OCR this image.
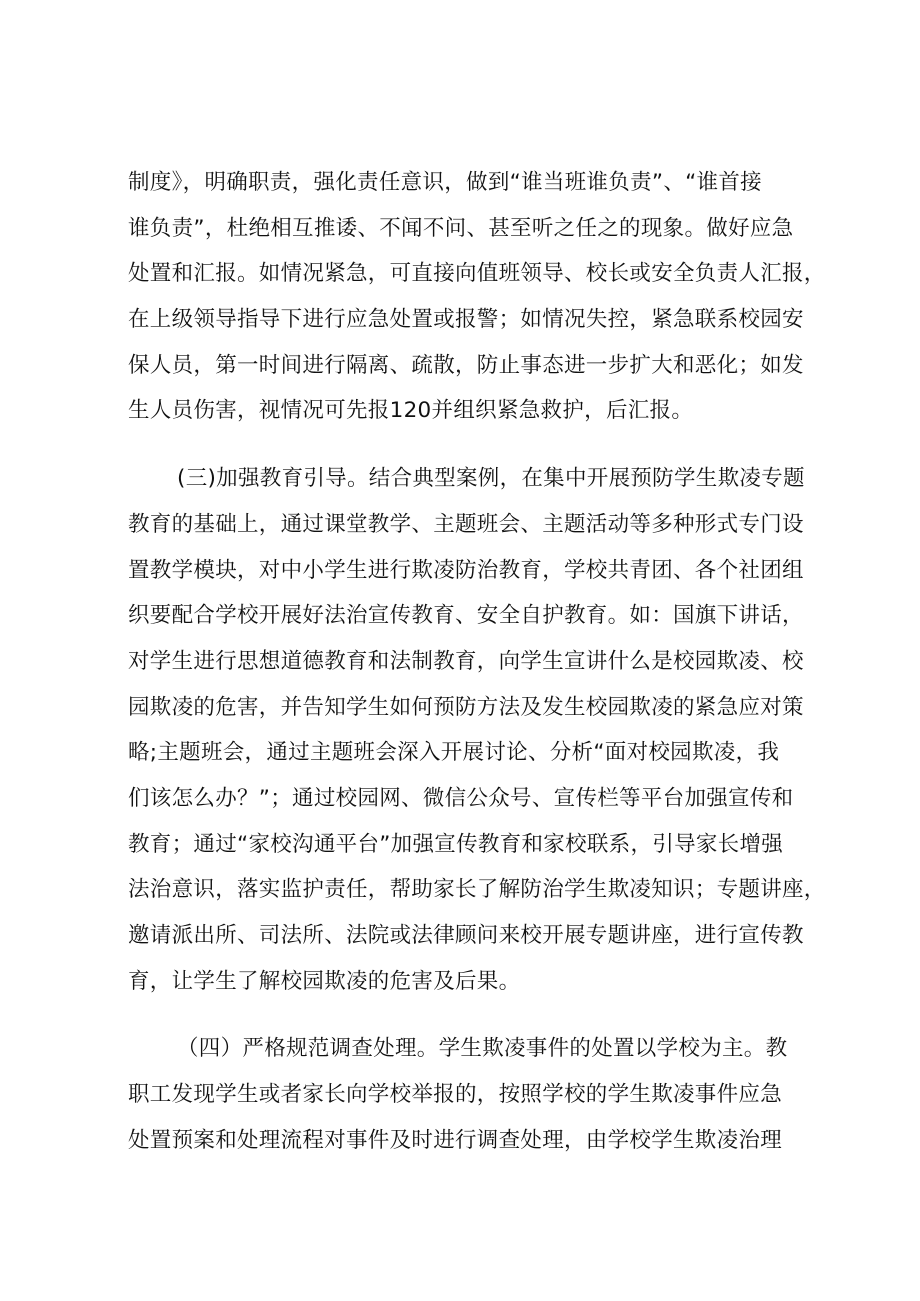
制度》，明确职责，强化责任意识，做到“谁当班谁负责”、“谁首接
谁负责”，杜绝相互推诿、不闻不问、甚至听之任之的现象。做好应急
处置和汇报。如情况紧急，可直接向值班领导、校长或安全负责人汇报，
在上级领导指导下进行应急处置或报警；如情况失控，紧急联系校园安
保人员，第一时间进行隔离、疏散，防止事态进一步扩大和恶化；如发
生人员伤害，视情况可先报120并组织紧急救护，后汇报。
(三)加强教育引导。结合典型案例，在集中开展预防学生欺凌专题
教育的基础上，通过课堂教学、主题班会、主题活动等多种形式专门设
置教学模块，对中小学生进行欺凌防治教育，学校共青团、各个社团组
织要配合学校开展好法治宣传教育、安全自护教育。如：国旗下讲话，
对学生进行思想道德教育和法制教育，向学生宣讲什么是校园欺凌、校
园欺凌的危害，并告知学生如何预防方法及发生校园欺凌的紧急应对策
略;主题班会，通过主题班会深入开展讨论、分析“面对校园欺凌，我
们该怎么办？”；通过校园网、微信公众号、宣传栏等平台加强宣传和
教育；通过“家校沟通平台”加强宣传教育和家校联系，引导家长增强
法治意识，落实监护责任，帮助家长了解防治学生欺凌知识；专题讲座，
邀请派出所、司法所、法院或法律顾问来校开展专题讲座，进行宣传教
育，让学生了解校园欺凌的危害及后果。
（四）严格规范调查处理。学生欺凌事件的处置以学校为主。教
职工发现学生或者家长向学校举报的，按照学校的学生欺凌事件应急
处置预案和处理流程对事件及时进行调查处理，由学校学生欺凌治理
